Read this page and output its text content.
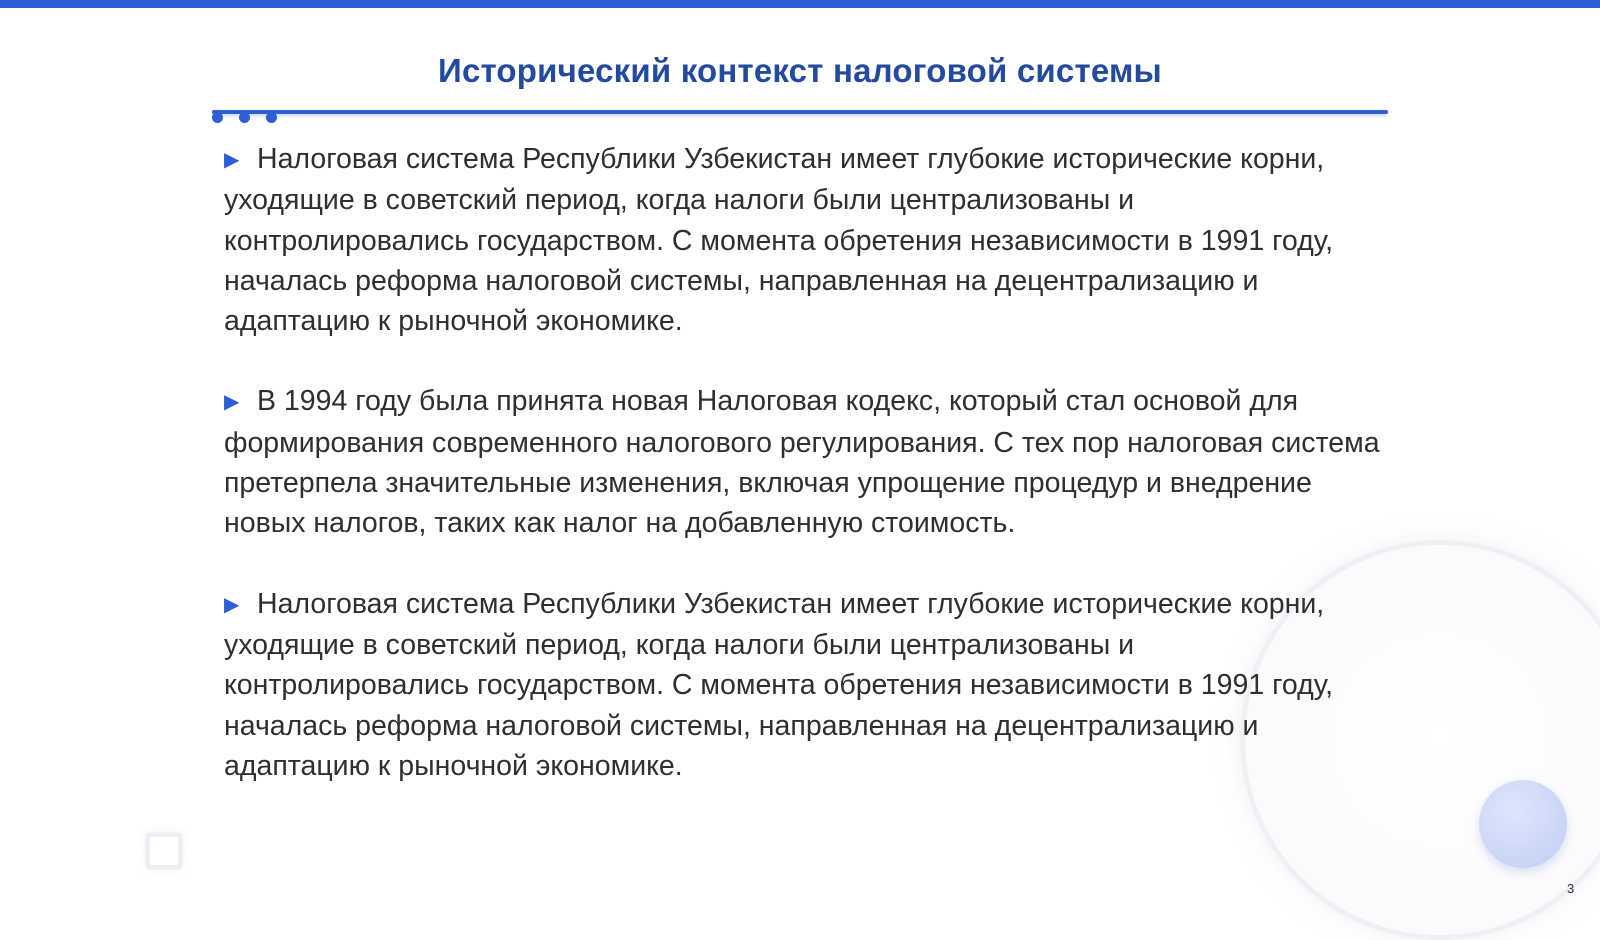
Исторический контекст налоговой системы

▶ Налоговая система Республики Узбекистан имеет глубокие исторические корни, уходящие в советский период, когда налоги были централизованы и контролировались государством. С момента обретения независимости в 1991 году, началась реформа налоговой системы, направленная на децентрализацию и адаптацию к рыночной экономике.

▶ В 1994 году была принята новая Налоговая кодекс, который стал основой для формирования современного налогового регулирования. С тех пор налоговая система претерпела значительные изменения, включая упрощение процедур и внедрение новых налогов, таких как налог на добавленную стоимость.

▶ Налоговая система Республики Узбекистан имеет глубокие исторические корни, уходящие в советский период, когда налоги были централизованы и контролировались государством. С момента обретения независимости в 1991 году, началась реформа налоговой системы, направленная на децентрализацию и адаптацию к рыночной экономике.

3
